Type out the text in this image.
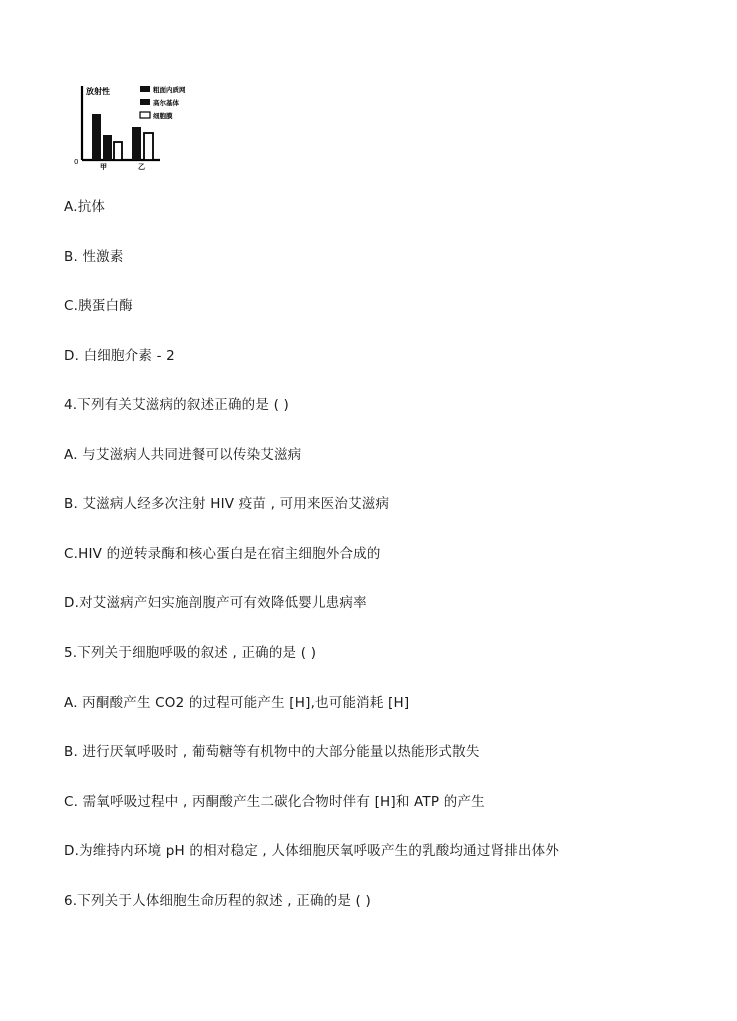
放射性
0
甲	乙
粗面内质网
高尔基体
细胞膜
A.抗体
B. 性激素
C.胰蛋白酶
D. 白细胞介素 - 2
4.下列有关艾滋病的叙述正确的是 ( )
A. 与艾滋病人共同进餐可以传染艾滋病
B. 艾滋病人经多次注射 HIV 疫苗 , 可用来医治艾滋病
C.HIV 的逆转录酶和核心蛋白是在宿主细胞外合成的
D.对艾滋病产妇实施剖腹产可有效降低婴儿患病率
5.下列关于细胞呼吸的叙述 , 正确的是 ( )
A. 丙酮酸产生 CO2 的过程可能产生 [H],也可能消耗 [H]
B. 进行厌氧呼吸时 , 葡萄糖等有机物中的大部分能量以热能形式散失
C. 需氧呼吸过程中 , 丙酮酸产生二碳化合物时伴有 [H]和 ATP 的产生
D.为维持内环境 pH 的相对稳定 , 人体细胞厌氧呼吸产生的乳酸均通过肾排出体外
6.下列关于人体细胞生命历程的叙述 , 正确的是 ( )
